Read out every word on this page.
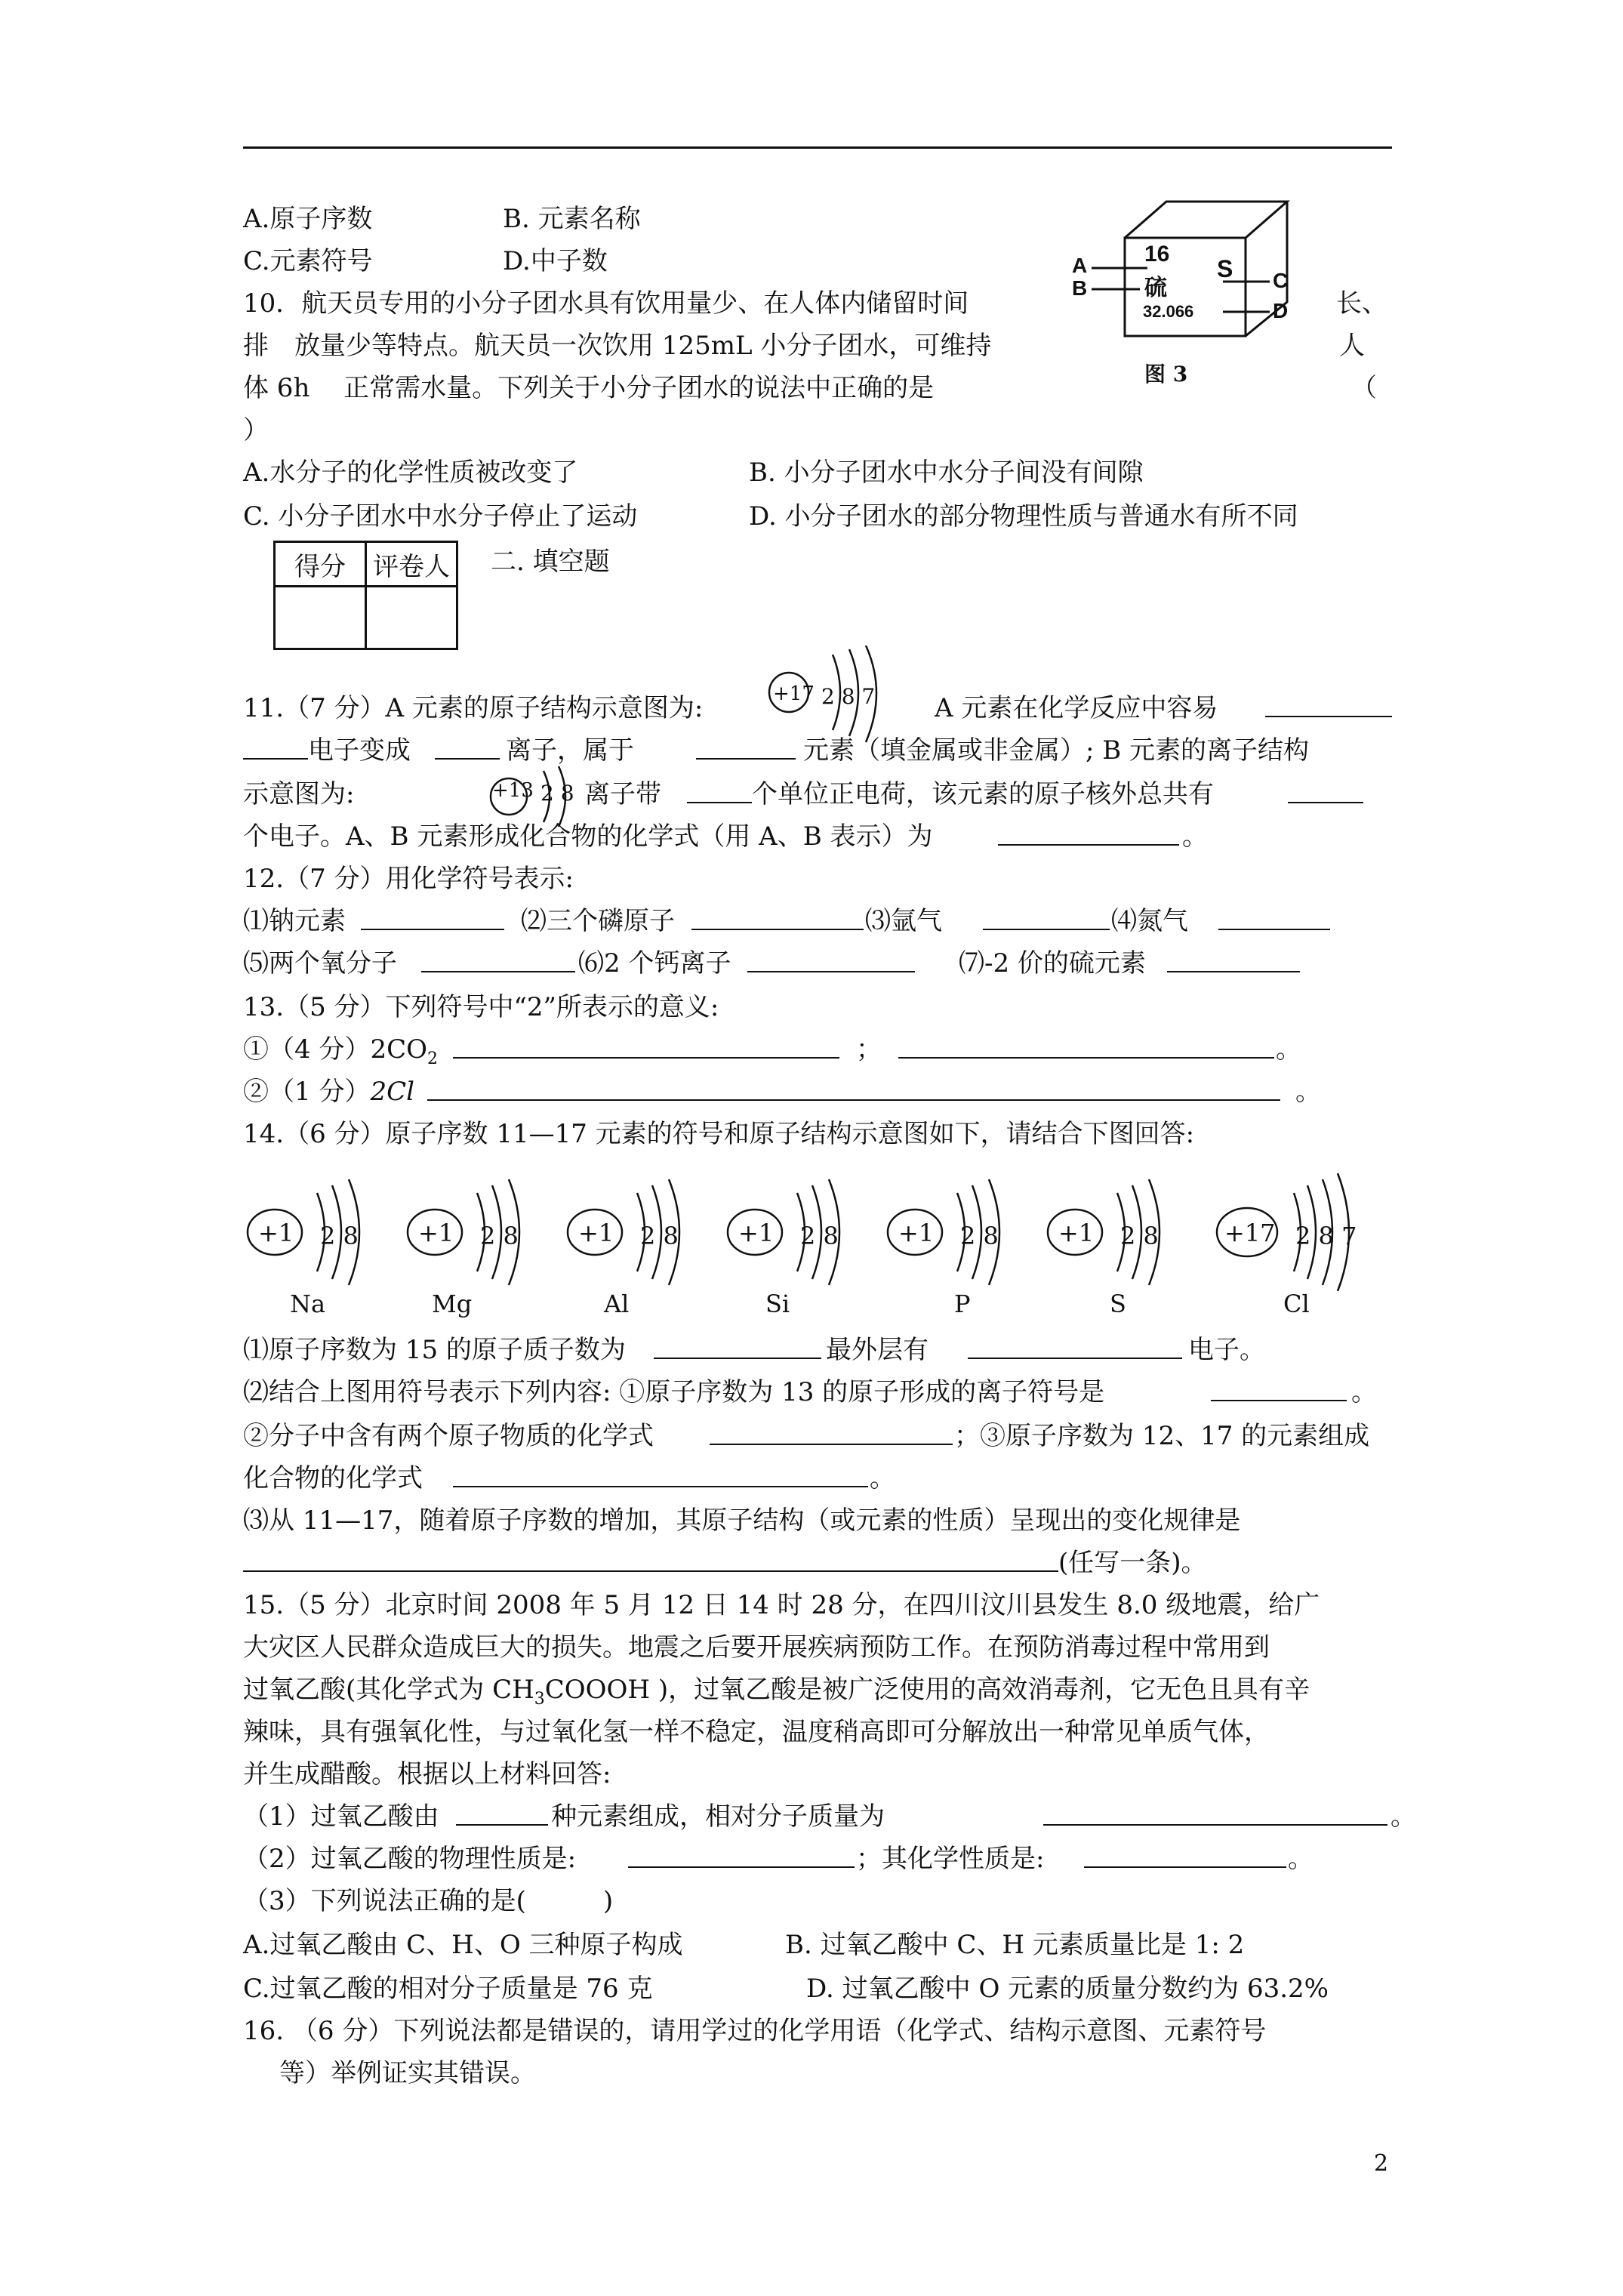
A.原子序数	B. 元素名称
C.元素符号	D.中子数	16
S
硫
32.066
A
B	C
D
图 3
10．航天员专用的小分子团水具有饮用量少、在人体内储留时间	长、
排　放量少等特点。航天员一次饮用 125mL 小分子团水，可维持	人
体 6h　 正常需水量。下列关于小分子团水的说法中正确的是	（
）
A.水分子的化学性质被改变了	B. 小分子团水中水分子间没有间隙
C. 小分子团水中水分子停止了运动	D. 小分子团水的部分物理性质与普通水有所不同
得分	评卷人
	二. 填空题
11.（7 分）A 元素的原子结构示意图为:	+17 2 8 7 A 元素在化学反应中容易
电子变成	离子，属于	元素（填金属或非金属）; B 元素的离子结构
示意图为:	+13 2 8 离子带	个单位正电荷，该元素的原子核外总共有
个电子。A、B 元素形成化合物的化学式（用 A、B 表示）为	。
12.（7 分）用化学符号表示:
⑴钠元素	⑵三个磷原子	⑶氩气	⑷氮气
⑸两个氧分子	⑹2 个钙离子	⑺-2 价的硫元素
13.（5 分）下列符号中“2”所表示的意义:
①（4 分）$2CO_2$	；	。
②（1 分）2Cl	。
14.（6 分）原子序数 11—17 元素的符号和原子结构示意图如下，请结合下图回答:
+1 2 8
Na
+1 2 8
Mg
+1 2 8
Al
+1 2 8
Si
+1 2 8
P
+1 2 8
S
+17 2 8 7
Cl
⑴原子序数为 15 的原子质子数为	最外层有	电子。
⑵结合上图用符号表示下列内容: ①原子序数为 13 的原子形成的离子符号是	。
②分子中含有两个原子物质的化学式	；③原子序数为 12、17 的元素组成
化合物的化学式	。
⑶从 11—17，随着原子序数的增加，其原子结构（或元素的性质）呈现出的变化规律是
(任写一条)。
15.（5 分）北京时间 2008 年 5 月 12 日 14 时 28 分，在四川汶川县发生 8.0 级地震，给广
大灾区人民群众造成巨大的损失。地震之后要开展疾病预防工作。在预防消毒过程中常用到
过氧乙酸(其化学式为 $CH_3COOOH$ )，过氧乙酸是被广泛使用的高效消毒剂，它无色且具有辛
辣味，具有强氧化性，与过氧化氢一样不稳定，温度稍高即可分解放出一种常见单质气体，
并生成醋酸。根据以上材料回答:
（1）过氧乙酸由	种元素组成，相对分子质量为	。
（2）过氧乙酸的物理性质是:	；其化学性质是:	。
（3）下列说法正确的是(　　　)
A.过氧乙酸由 C、H、O 三种原子构成	B. 过氧乙酸中 C、H 元素质量比是 1: 2
C.过氧乙酸的相对分子质量是 76 克	D. 过氧乙酸中 O 元素的质量分数约为 63.2%
16. （6 分）下列说法都是错误的，请用学过的化学用语（化学式、结构示意图、元素符号
等）举例证实其错误。
2
